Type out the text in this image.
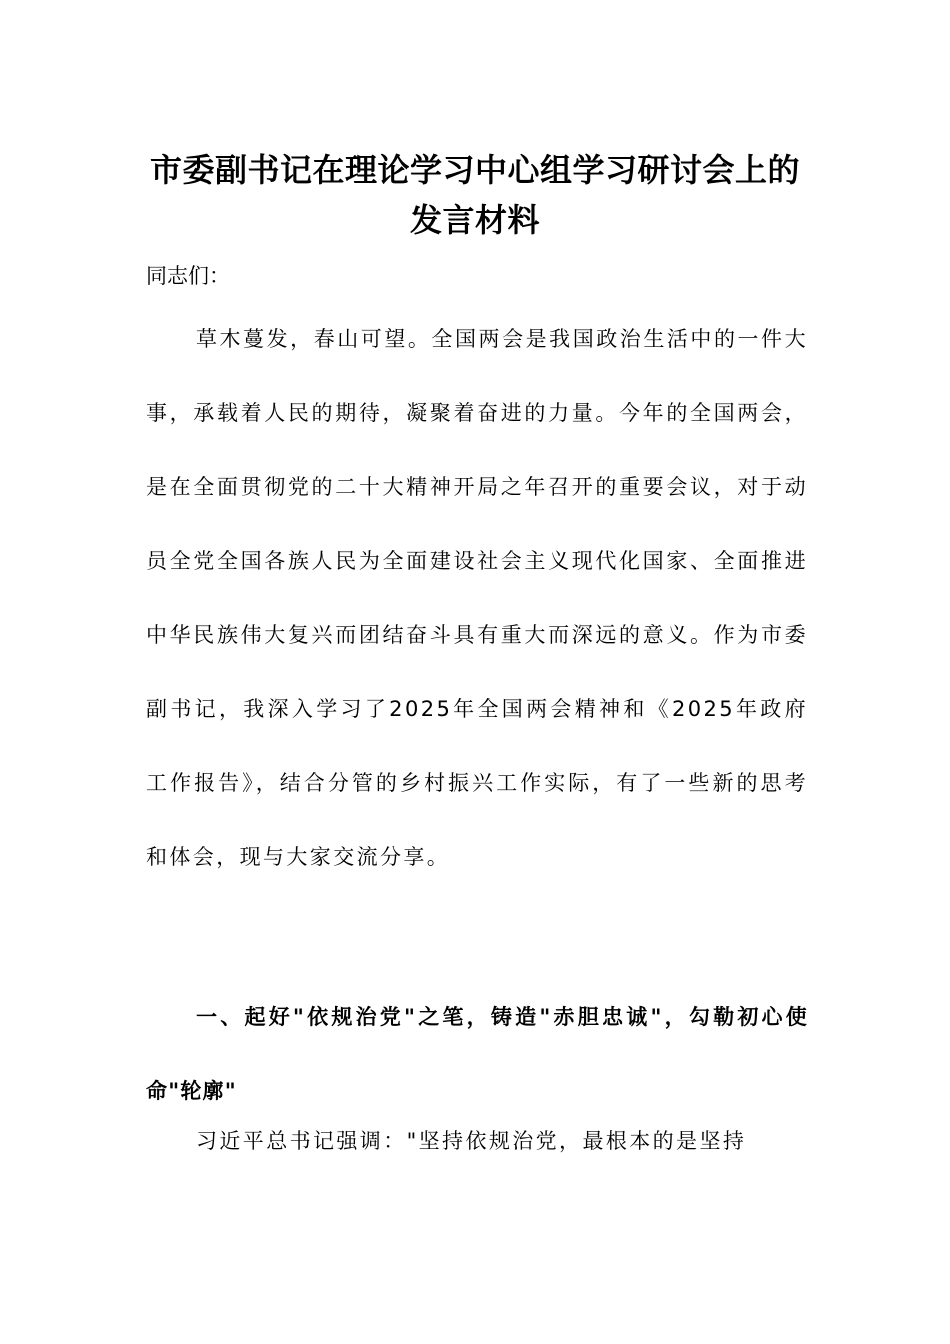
市委副书记在理论学习中心组学习研讨会上的发言材料

同志们：

草木蔓发，春山可望。全国两会是我国政治生活中的一件大事，承载着人民的期待，凝聚着奋进的力量。今年的全国两会，是在全面贯彻党的二十大精神开局之年召开的重要会议，对于动员全党全国各族人民为全面建设社会主义现代化国家、全面推进中华民族伟大复兴而团结奋斗具有重大而深远的意义。作为市委副书记，我深入学习了2025年全国两会精神和《2025年政府工作报告》，结合分管的乡村振兴工作实际，有了一些新的思考和体会，现与大家交流分享。

一、起好"依规治党"之笔，铸造"赤胆忠诚"，勾勒初心使命"轮廓"

习近平总书记强调："坚持依规治党，最根本的是坚持
